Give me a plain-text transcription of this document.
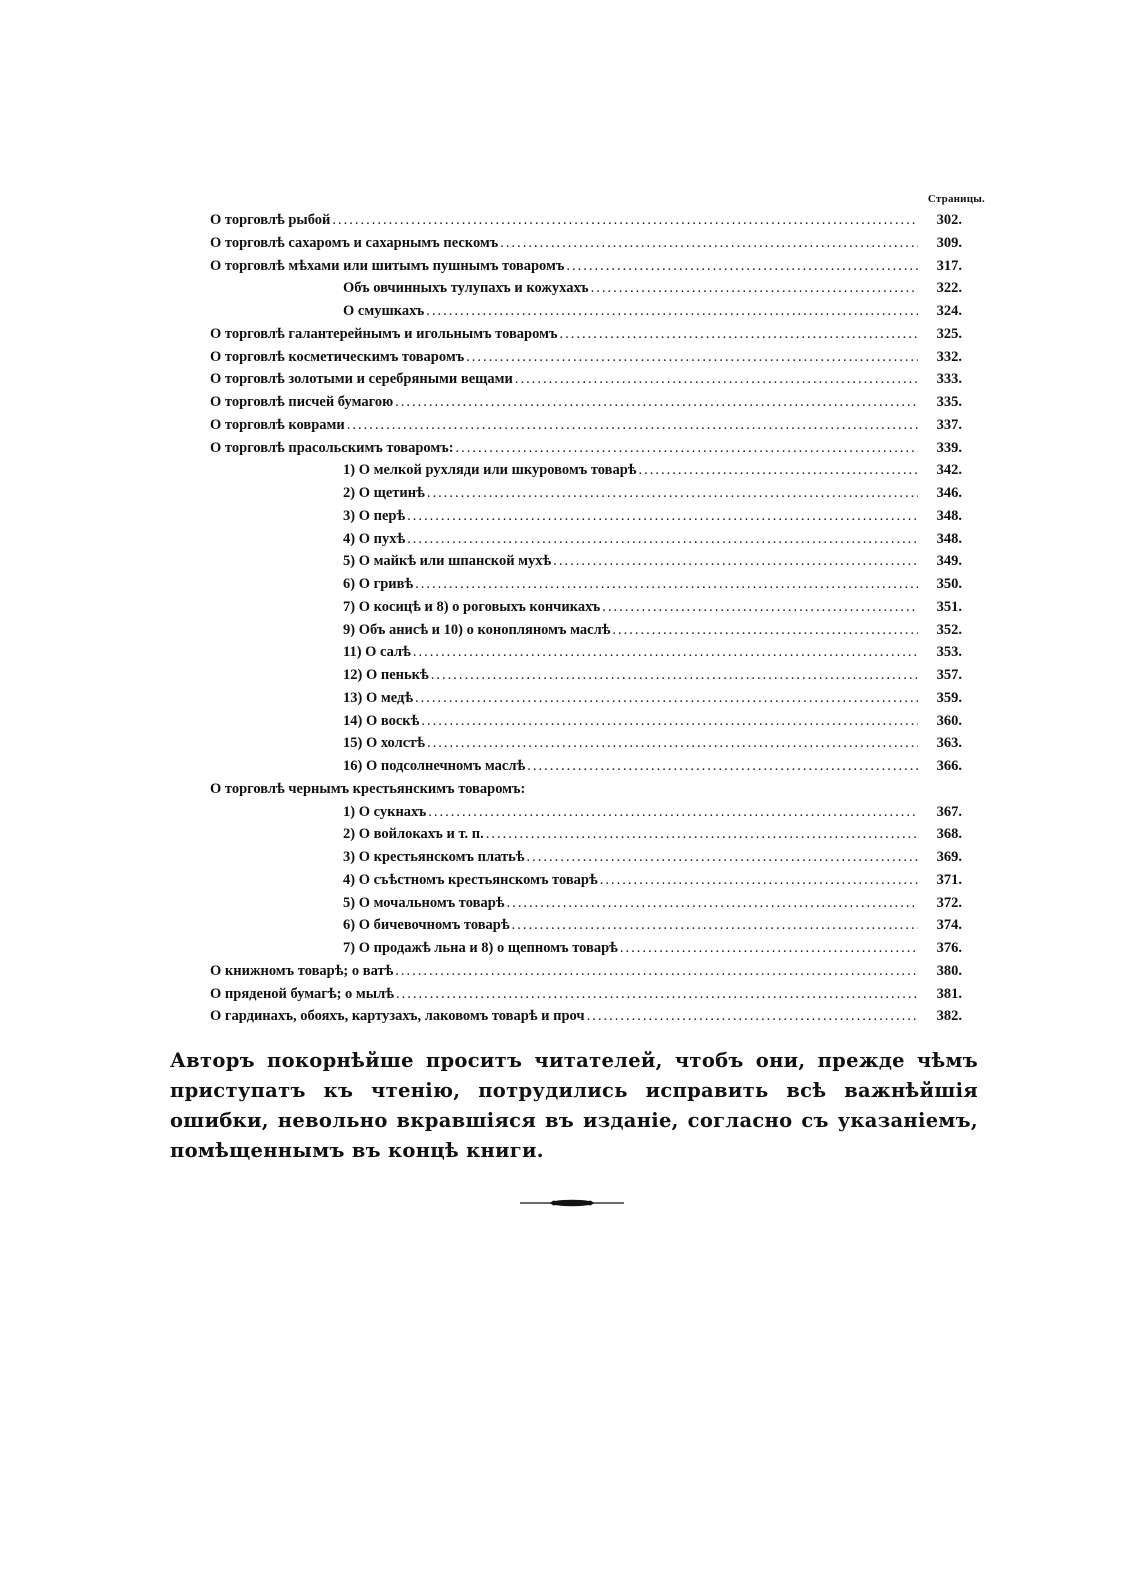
Страницы.
О торговлѣ рыбой .....	302.
О торговлѣ сахаромъ и сахарнымъ пескомъ .....	309.
О торговлѣ мѣхами или шитымъ пушнымъ товаромъ .....	317.
Объ овчинныхъ тулупахъ и кожухахъ .....	322.
О смушкахъ .....	324.
О торговлѣ галантерейнымъ и игольнымъ товаромъ .....	325.
О торговлѣ косметическимъ товаромъ .....	332.
О торговлѣ золотыми и серебряными вещами .....	333.
О торговлѣ писчей бумагою .....	335.
О торговлѣ коврами .....	337.
О торговлѣ прасольскимъ товаромъ: .....	339.
1) О мелкой рухляди или шкуровомъ товарѣ .....	342.
2) О щетинѣ .....	346.
3) О перѣ .....	348.
4) О пухѣ .....	348.
5) О майкѣ или шпанской мухѣ .....	349.
6) О гривѣ .....	350.
7) О косицѣ и 8) о роговыхъ кончикахъ .....	351.
9) Объ анисѣ и 10) о конопляномъ маслѣ .....	352.
11) О салѣ .....	353.
12) О пенькѣ .....	357.
13) О медѣ .....	359.
14) О воскѣ .....	360.
15) О холстѣ .....	363.
16) О подсолнечномъ маслѣ .....	366.
О торговлѣ чернымъ крестьянскимъ товаромъ:
1) О сукнахъ .....	367.
2) О войлокахъ и т. п. .....	368.
3) О крестьянскомъ платьѣ .....	369.
4) О съѣстномъ крестьянскомъ товарѣ .....	371.
5) О мочальномъ товарѣ .....	372.
6) О бичевочномъ товарѣ .....	374.
7) О продажѣ льна и 8) о щепномъ товарѣ .....	376.
О книжномъ товарѣ; о ватѣ .....	380.
О пряденой бумагѣ; о мылѣ .....	381.
О гардинахъ, обояхъ, картузахъ, лаковомъ товарѣ и проч .....	382.
Авторъ покорнѣйше проситъ читателей, чтобъ они, прежде чѣмъ приступатъ къ чтенію, потрудились исправить всѣ важнѣйшія ошибки, невольно вкравшіяся въ изданіе, согласно съ указаніемъ, помѣщеннымъ въ концѣ книги.
